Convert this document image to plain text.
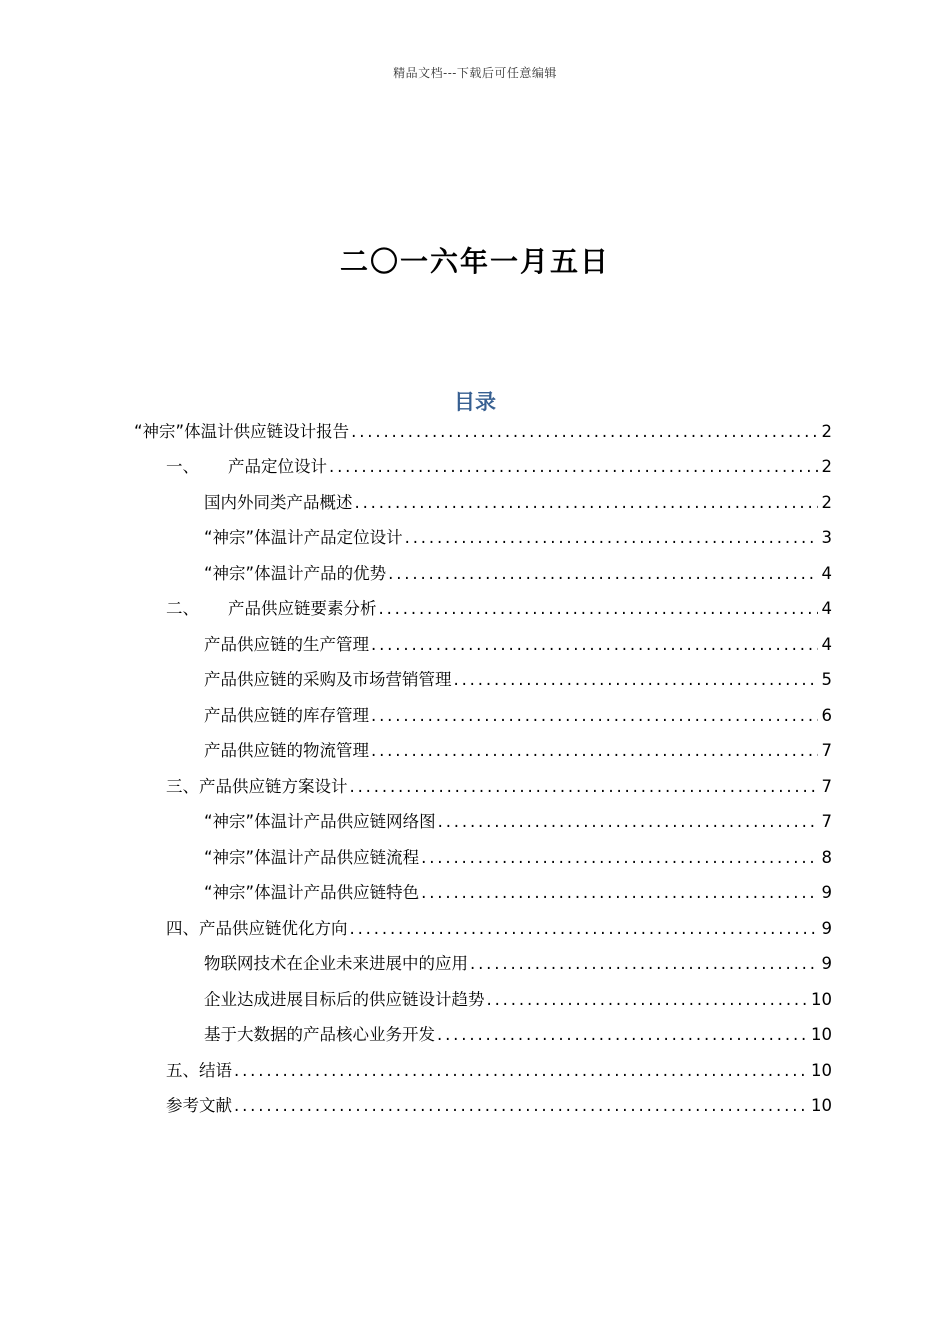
精品文档---下载后可任意编辑
二〇一六年一月五日
目录
“神宗”体温计供应链设计报告 . . .	2
一、	产品定位设计 . . .	2
国内外同类产品概述 . . .	2
“神宗”体温计产品定位设计 . . .	3
“神宗”体温计产品的优势 . . .	4
二、	产品供应链要素分析 . . .	4
产品供应链的生产管理 . . .	4
产品供应链的采购及市场营销管理 . . .	5
产品供应链的库存管理 . . .	6
产品供应链的物流管理 . . .	7
三、 产品供应链方案设计 . . .	7
“神宗”体温计产品供应链网络图 . . .	7
“神宗”体温计产品供应链流程 . . .	8
“神宗”体温计产品供应链特色 . . .	9
四、 产品供应链优化方向 . . .	9
物联网技术在企业未来进展中的应用 . . .	9
企业达成进展目标后的供应链设计趋势 . . .	10
基于大数据的产品核心业务开发 . . .	10
五、 结语 . . .	10
参考文献 . . .	10
